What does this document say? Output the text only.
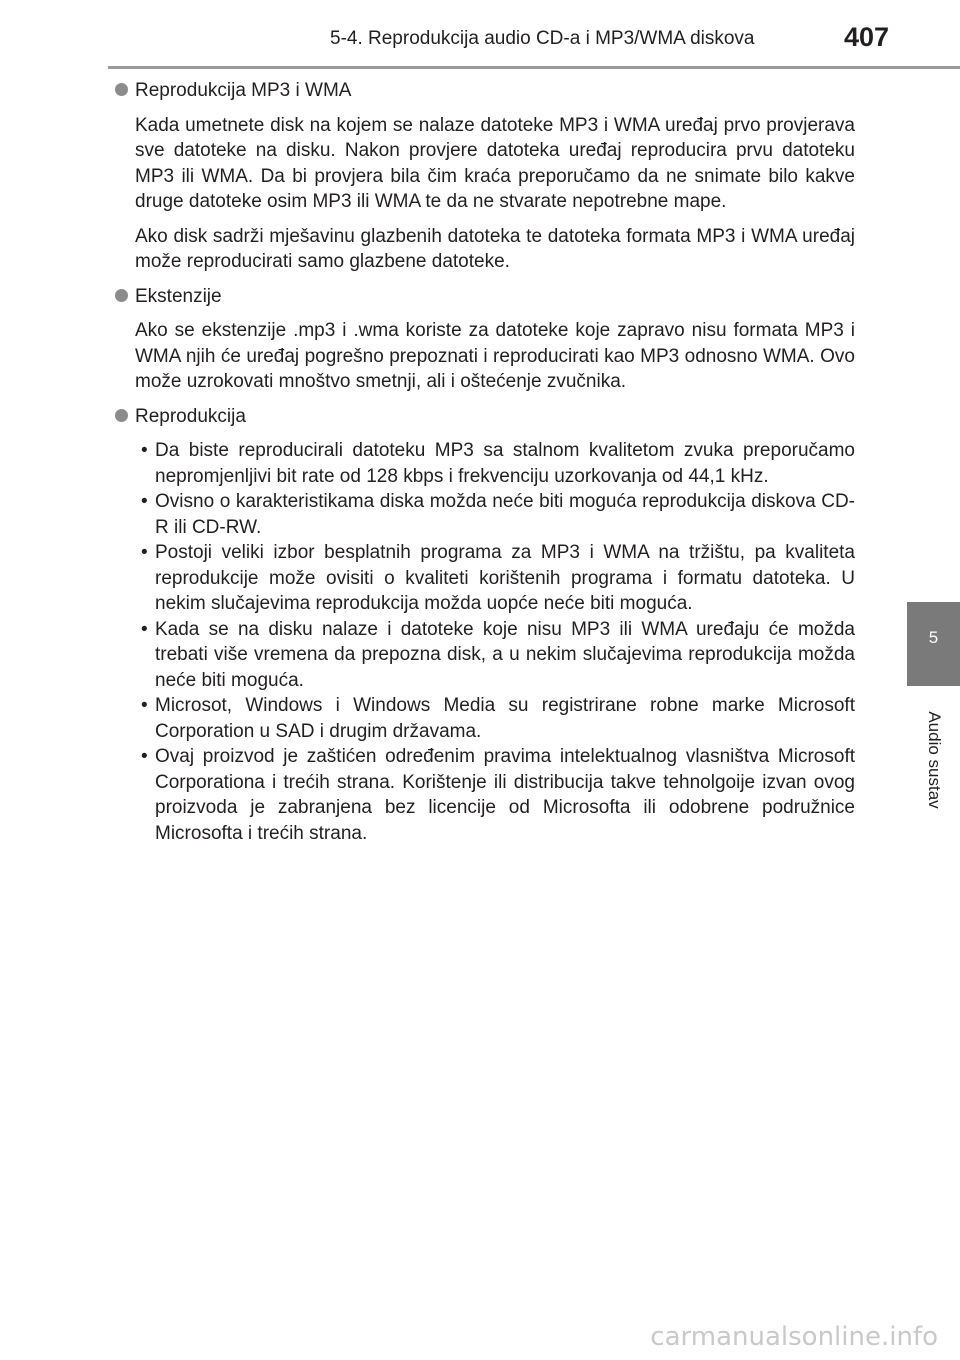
5-4. Reprodukcija audio CD-a i MP3/WMA diskova	407
5
Audio sustav
Reprodukcija MP3 i WMA
Kada umetnete disk na kojem se nalaze datoteke MP3 i WMA uređaj prvo provjerava sve datoteke na disku. Nakon provjere datoteka uređaj reproducira prvu datoteku MP3 ili WMA. Da bi provjera bila čim kraća preporučamo da ne snimate bilo kakve druge datoteke osim MP3 ili WMA te da ne stvarate nepotrebne mape.
Ako disk sadrži mješavinu glazbenih datoteka te datoteka formata MP3 i WMA uređaj može reproducirati samo glazbene datoteke.
Ekstenzije
Ako se ekstenzije .mp3 i .wma koriste za datoteke koje zapravo nisu formata MP3 i WMA njih će uređaj pogrešno prepoznati i reproducirati kao MP3 odnosno WMA. Ovo može uzrokovati mnoštvo smetnji, ali i oštećenje zvučnika.
Reprodukcija
• Da biste reproducirali datoteku MP3 sa stalnom kvalitetom zvuka preporučamo nepromjenljivi bit rate od 128 kbps i frekvenciju uzorkovanja od 44,1 kHz.
• Ovisno o karakteristikama diska možda neće biti moguća reprodukcija diskova CD-R ili CD-RW.
• Postoji veliki izbor besplatnih programa za MP3 i WMA na tržištu, pa kvaliteta reprodukcije može ovisiti o kvaliteti korištenih programa i formatu datoteka. U nekim slučajevima reprodukcija možda uopće neće biti moguća.
• Kada se na disku nalaze i datoteke koje nisu MP3 ili WMA uređaju će možda trebati više vremena da prepozna disk, a u nekim slučajevima reprodukcija možda neće biti moguća.
• Microsot, Windows i Windows Media su registrirane robne marke Microsoft Corporation u SAD i drugim državama.
• Ovaj proizvod je zaštićen određenim pravima intelektualnog vlasništva Microsoft Corporationa i trećih strana. Korištenje ili distribucija takve tehnolgoije izvan ovog proizvoda je zabranjena bez licencije od Microsofta ili odobrene podružnice Microsofta i trećih strana.
carmanualsonline.info
